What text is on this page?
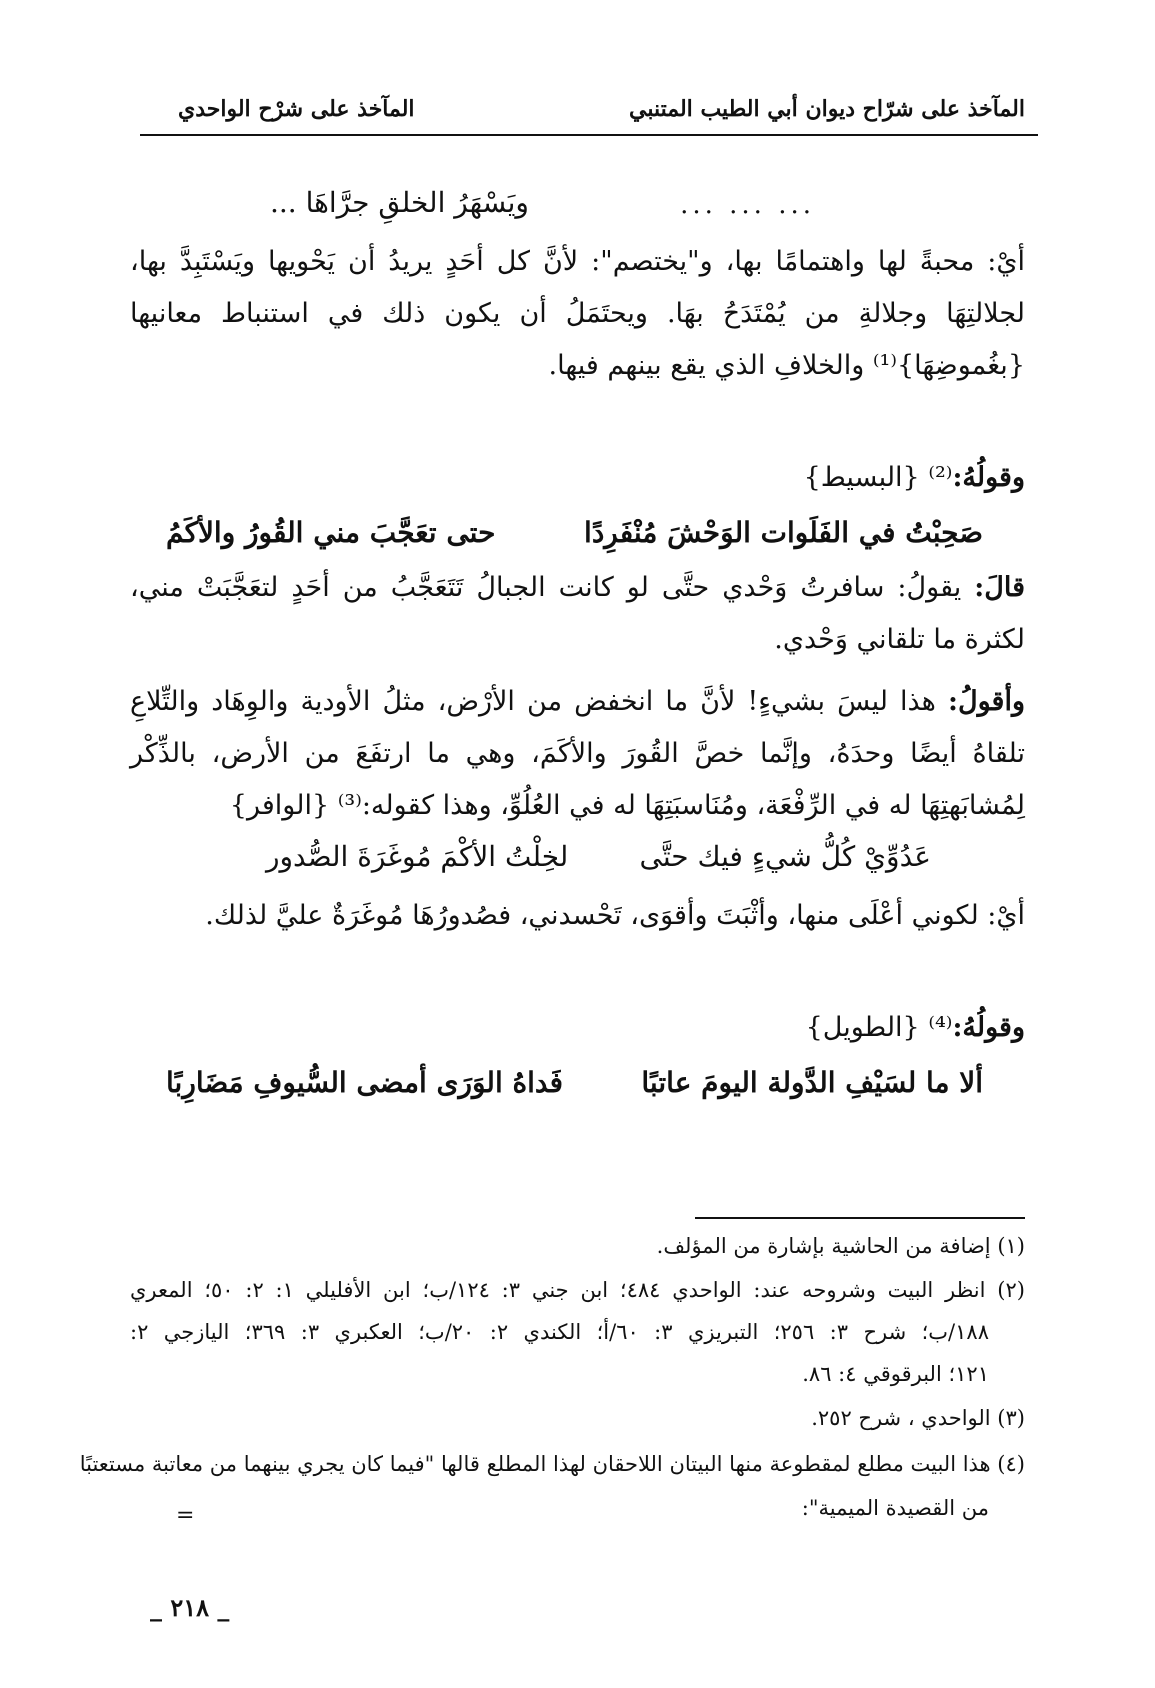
المآخذ على شرّاح ديوان أبي الطيب المتنبي
المآخذ على شرْح الواحدي
... ... ...
ويَسْهَرُ الخلقِ جرَّاهَا ...
أيْ: محبةً لها واهتمامًا بها، و"يختصم": لأنَّ كل أحَدٍ يريدُ أن يَحْويها ويَسْتَبِدَّ بها،
لجلالتِهَا وجلالةِ من يُمْتَدَحُ بهَا. ويحتَمَلُ أن يكون ذلك في استنباط معانيها
{بغُموضِهَا}⁽¹⁾ والخلافِ الذي يقع بينهم فيها.
وقولُهُ:⁽²⁾ {البسيط}
صَحِبْتُ في الفَلَوات الوَحْشَ مُنْفَرِدًا
حتى تعَجَّبَ مني القُورُ والأكَمُ
قالَ: يقولُ: سافرتُ وَحْدي حتَّى لو كانت الجبالُ تَتَعَجَّبُ من أحَدٍ لتعَجَّبَتْ مني،
لكثرة ما تلقاني وَحْدي.
وأقولُ: هذا ليسَ بشيءٍ! لأنَّ ما انخفض من الأرْض، مثلُ الأودية والوِهَاد والتِّلاعِ
تلقاهُ أيضًا وحدَهُ، وإنَّما خصَّ القُورَ والأكَمَ، وهي ما ارتفَعَ من الأرض، بالذِّكْر
لِمُشابَهتِهَا له في الرِّفْعَة، ومُنَاسبَتِهَا له في العُلُوِّ، وهذا كقوله:⁽³⁾ {الوافر}
عَدُوِّيْ كُلُّ شيءٍ فيك حتَّى
لخِلْتُ الأكْمَ مُوغَرَةَ الصُّدور
أيْ: لكوني أعْلَى منها، وأثْبَتَ وأقوَى، تَحْسدني، فصُدورُهَا مُوغَرَةٌ عليَّ لذلك.
وقولُهُ:⁽⁴⁾ {الطويل}
ألا ما لسَيْفِ الدَّولة اليومَ عاتبًا
فَداهُ الوَرَى أمضى السُّيوفِ مَضَارِبًا
(١) إضافة من الحاشية بإشارة من المؤلف.
(٢) انظر البيت وشروحه عند: الواحدي ٤٨٤؛ ابن جني ٣: ١٢٤/ب؛ ابن الأفليلي ١: ٢: ٥٠؛ المعري
١٨٨/ب؛ شرح ٣: ٢٥٦؛ التبريزي ٣: ٦٠/أ؛ الكندي ٢: ٢٠/ب؛ العكبري ٣: ٣٦٩؛ اليازجي ٢:
١٢١؛ البرقوقي ٤: ٨٦.
(٣) الواحدي ، شرح ٢٥٢.
(٤) هذا البيت مطلع لمقطوعة منها البيتان اللاحقان لهذا المطلع قالها "فيما كان يجري بينهما من معاتبة مستعتبًا
من القصيدة الميمية":
=
_ ٢١٨ _
